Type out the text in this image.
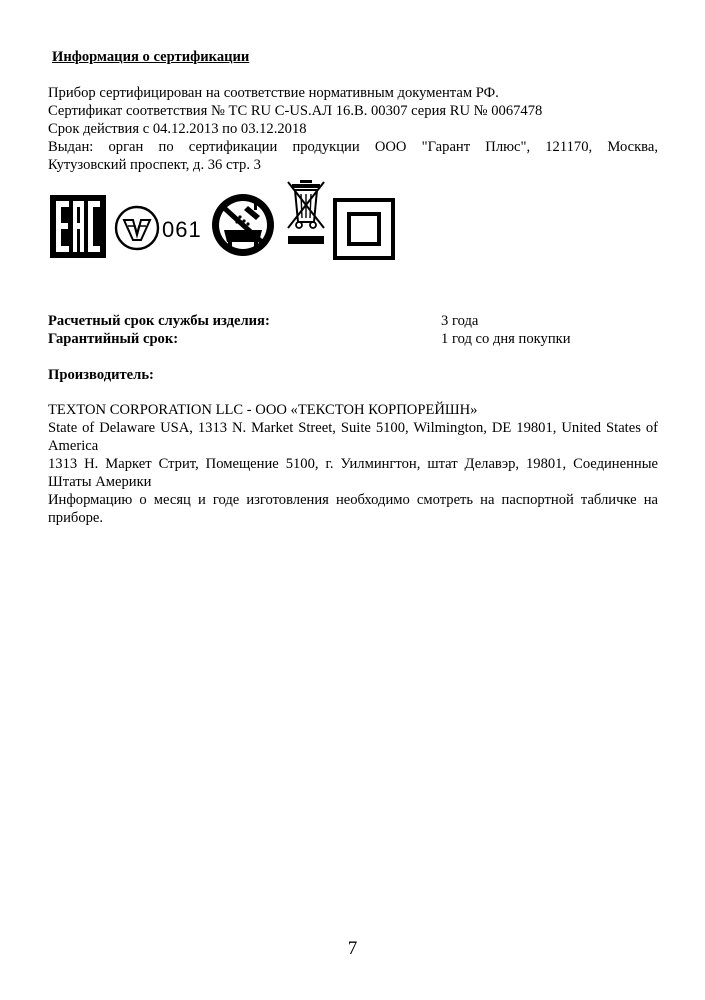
Информация о сертификации
Прибор сертифицирован на соответствие нормативным документам РФ.
Сертификат соответствия № TC RU C-US.АЛ 16.В. 00307 серия RU № 0067478
Срок действия с 04.12.2013 по 03.12.2018
Выдан: орган по сертификации продукции ООО "Гарант Плюс", 121170, Москва,
Кутузовский проспект, д. 36 стр. 3
061
Расчетный срок службы изделия:	3 года
Гарантийный срок:	1 год со дня покупки
Производитель:
TEXTON CORPORATION LLC - ООО «ТЕКСТОН КОРПОРЕЙШН»
State of Delaware USA, 1313 N. Market Street, Suite 5100, Wilmington, DE 19801, United States of America
1313 Н. Маркет Стрит, Помещение 5100, г. Уилмингтон, штат Делавэр, 19801, Соединенные Штаты Америки
Информацию о месяц и годе изготовления необходимо смотреть на паспортной табличке на приборе.
7
